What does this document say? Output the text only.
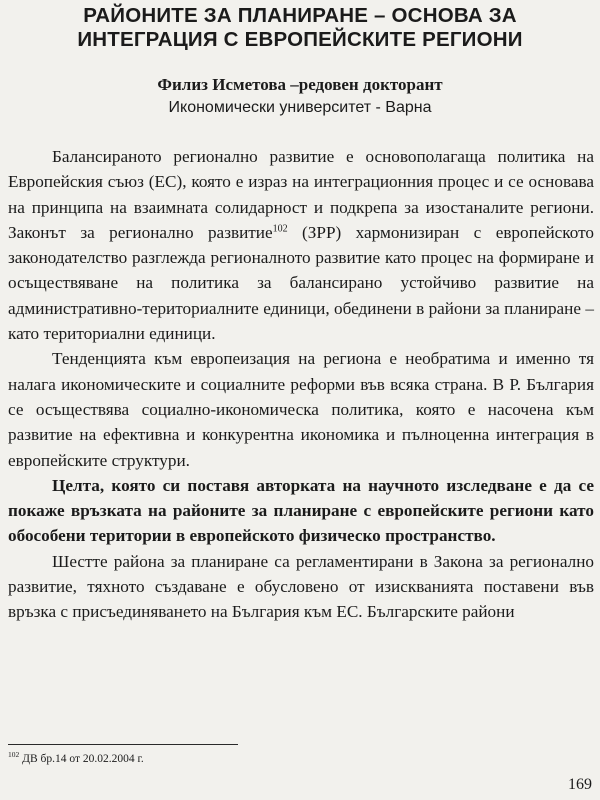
РАЙОНИТЕ ЗА ПЛАНИРАНЕ – ОСНОВА ЗА
ИНТЕГРАЦИЯ С ЕВРОПЕЙСКИТЕ РЕГИОНИ
Филиз Исметова –редовен докторант
Икономически университет - Варна

Балансираното регионално развитие е основополагаща политика на Европейския съюз (ЕС), която е израз на интеграционния процес и се основава на принципа на взаимната солидарност и подкрепа за изостаналите региони. Законът за регионално развитие$^{102}$ (ЗРР) хармонизиран с европейското законодателство разглежда регионалното развитие като процес на формиране и осъществяване на политика за балансирано устойчиво развитие на административно-териториалните единици, обединени в райони за планиране – като териториални единици.

Тенденцията към европеизация на региона е необратима и именно тя налага икономическите и социалните реформи във всяка страна. В Р. България се осъществява социално-икономическа политика, която е насочена към развитие на ефективна и конкурентна икономика и пълноценна интеграция в европейските структури.

Целта, която си поставя авторката на научното изследване е да се покаже връзката на районите за планиране с европейските региони като обособени територии в европейското физическо пространство.

Шестте района за планиране са регламентирани в Закона за регионално развитие, тяхното създаване е обусловено от изискванията поставени във връзка с присъединяването на България към ЕС. Българските райони

$^{102}$ ДВ бр.14 от 20.02.2004 г.
169
